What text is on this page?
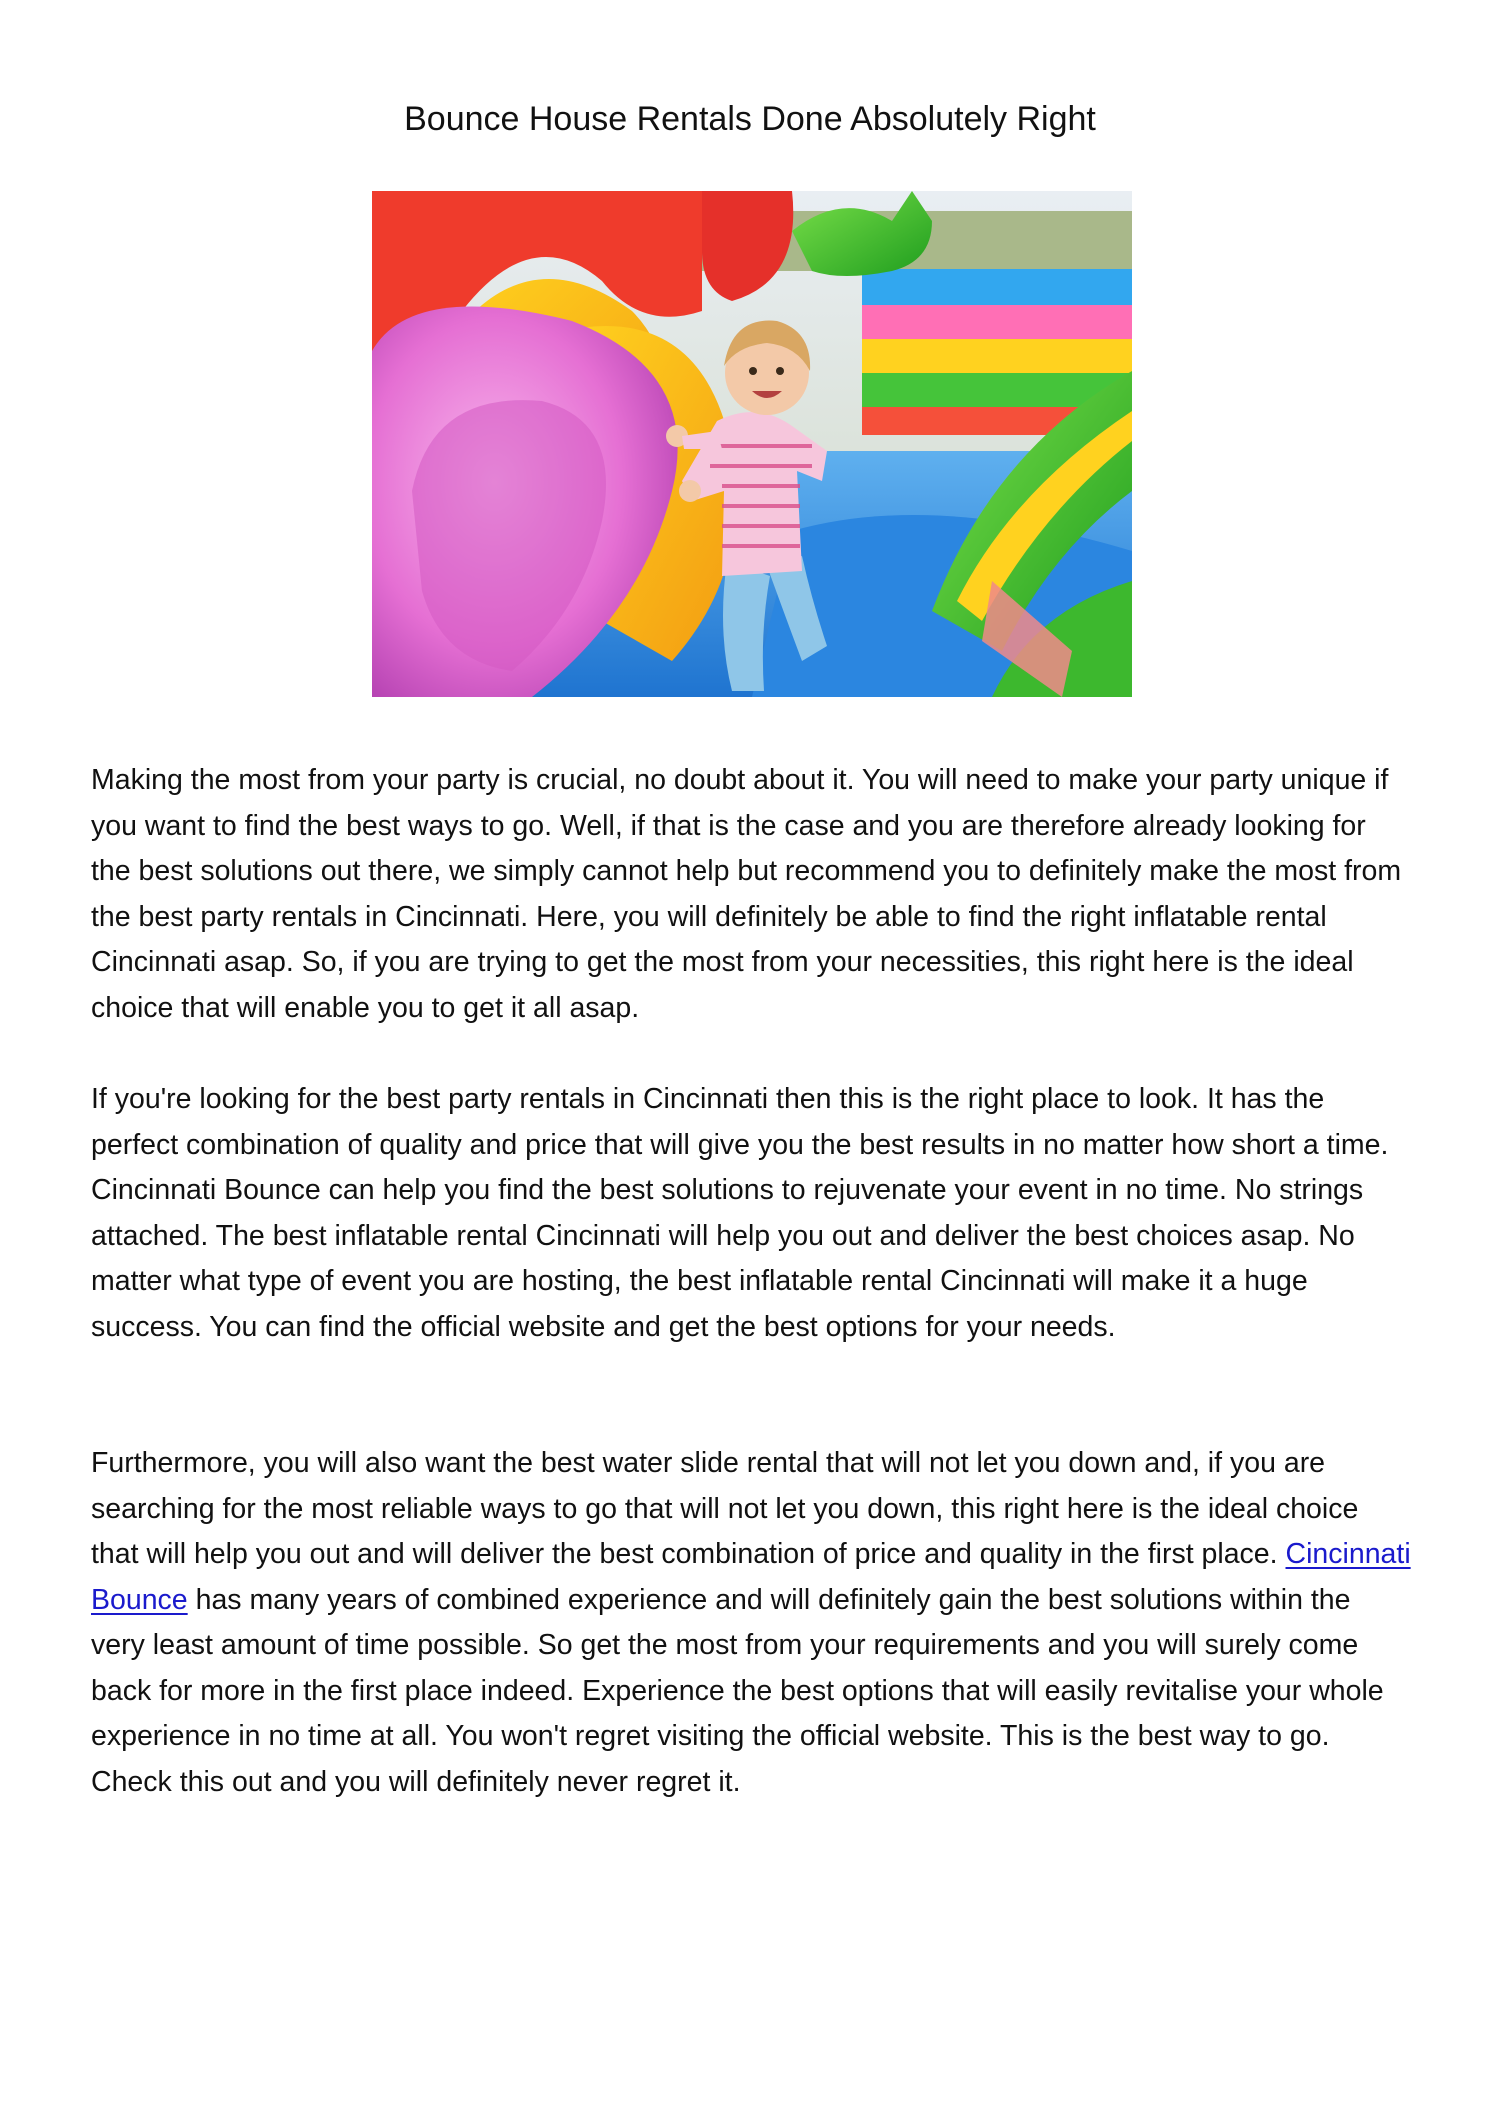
Bounce House Rentals Done Absolutely Right

Making the most from your party is crucial, no doubt about it. You will need to make your party unique if you want to find the best ways to go. Well, if that is the case and you are therefore already looking for the best solutions out there, we simply cannot help but recommend you to definitely make the most from the best party rentals in Cincinnati. Here, you will definitely be able to find the right inflatable rental Cincinnati asap. So, if you are trying to get the most from your necessities, this right here is the ideal choice that will enable you to get it all asap.

If you're looking for the best party rentals in Cincinnati then this is the right place to look. It has the perfect combination of quality and price that will give you the best results in no matter how short a time. Cincinnati Bounce can help you find the best solutions to rejuvenate your event in no time. No strings attached. The best inflatable rental Cincinnati will help you out and deliver the best choices asap. No matter what type of event you are hosting, the best inflatable rental Cincinnati will make it a huge success. You can find the official website and get the best options for your needs.

Furthermore, you will also want the best water slide rental that will not let you down and, if you are searching for the most reliable ways to go that will not let you down, this right here is the ideal choice that will help you out and will deliver the best combination of price and quality in the first place. Cincinnati Bounce has many years of combined experience and will definitely gain the best solutions within the very least amount of time possible. So get the most from your requirements and you will surely come back for more in the first place indeed. Experience the best options that will easily revitalise your whole experience in no time at all. You won't regret visiting the official website. This is the best way to go. Check this out and you will definitely never regret it.
